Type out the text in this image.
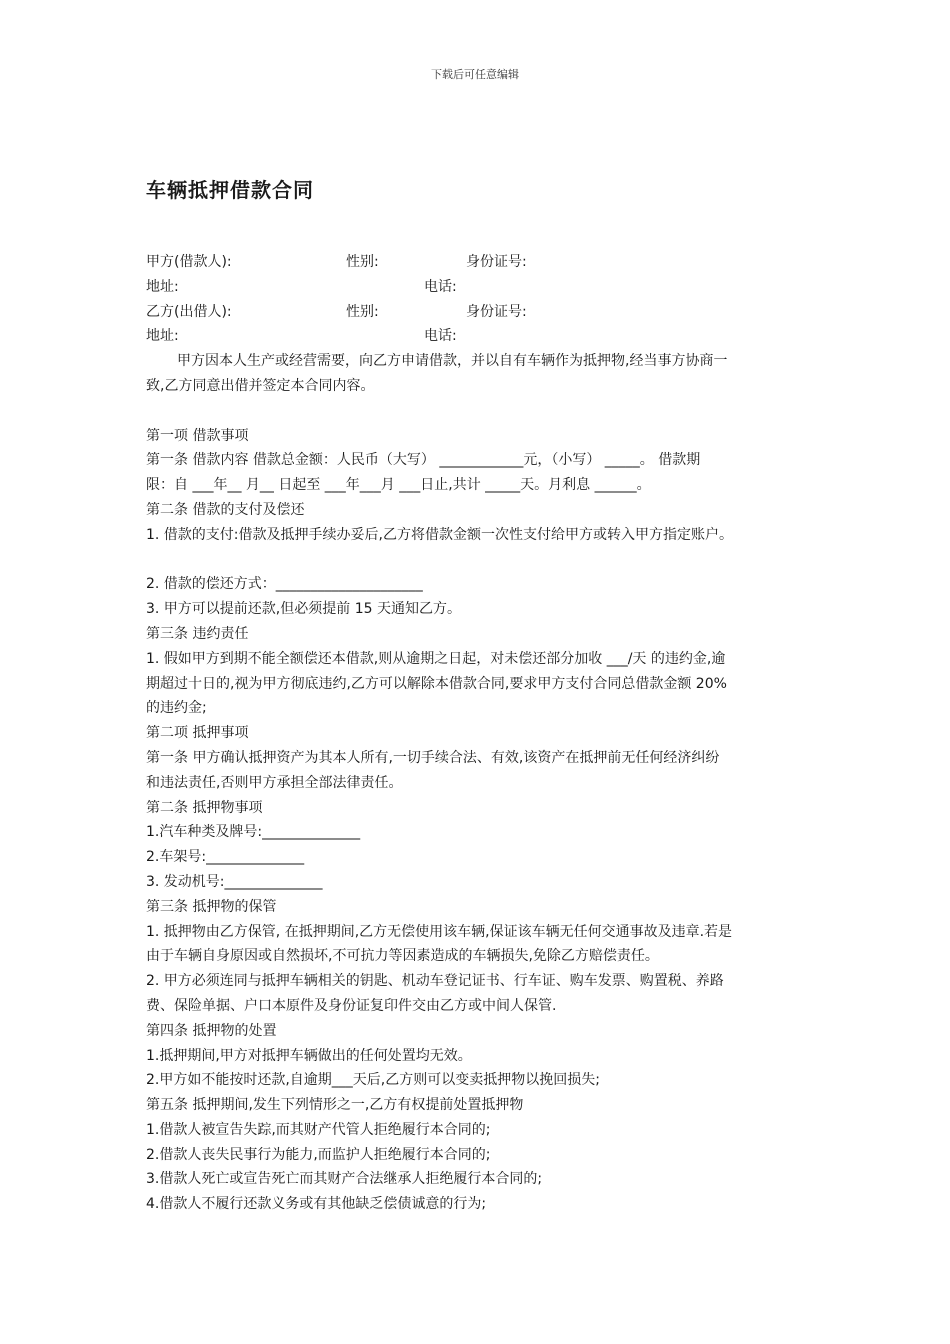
下载后可任意编辑
车辆抵押借款合同
甲方(借款人):	性别:	身份证号:
地址:	电话:
乙方(出借人):	性别:	身份证号:
地址:	电话:
甲方因本人生产或经营需要，向乙方申请借款，并以自有车辆作为抵押物,经当事方协商一
致,乙方同意出借并签定本合同内容。
第一项 借款事项
第一条 借款内容 借款总金额：人民币（大写） ____________元，（小写） _____。 借款期
限：自 ___年__ 月__ 日起至 ___年___月 ___日止,共计 _____天。月利息 ______。
第二条 借款的支付及偿还
1. 借款的支付:借款及抵押手续办妥后,乙方将借款金额一次性支付给甲方或转入甲方指定账户。
2. 借款的偿还方式：_____________________
3. 甲方可以提前还款,但必须提前 15 天通知乙方。
第三条 违约责任
1. 假如甲方到期不能全额偿还本借款,则从逾期之日起，对未偿还部分加收 ___/天 的违约金,逾
期超过十日的,视为甲方彻底违约,乙方可以解除本借款合同,要求甲方支付合同总借款金额 20%
的违约金;
第二项 抵押事项
第一条 甲方确认抵押资产为其本人所有,一切手续合法、有效,该资产在抵押前无任何经济纠纷
和违法责任,否则甲方承担全部法律责任。
第二条 抵押物事项
1.汽车种类及牌号:______________
2.车架号:______________
3. 发动机号:______________
第三条 抵押物的保管
1. 抵押物由乙方保管, 在抵押期间,乙方无偿使用该车辆,保证该车辆无任何交通事故及违章.若是
由于车辆自身原因或自然损坏,不可抗力等因素造成的车辆损失,免除乙方赔偿责任。
2. 甲方必须连同与抵押车辆相关的钥匙、机动车登记证书、行车证、购车发票、购置税、养路
费、保险单据、户口本原件及身份证复印件交由乙方或中间人保管.
第四条 抵押物的处置
1.抵押期间,甲方对抵押车辆做出的任何处置均无效。
2.甲方如不能按时还款,自逾期___天后,乙方则可以变卖抵押物以挽回损失;
第五条 抵押期间,发生下列情形之一,乙方有权提前处置抵押物
1.借款人被宣告失踪,而其财产代管人拒绝履行本合同的;
2.借款人丧失民事行为能力,而监护人拒绝履行本合同的;
3.借款人死亡或宣告死亡而其财产合法继承人拒绝履行本合同的;
4.借款人不履行还款义务或有其他缺乏偿债诚意的行为;
